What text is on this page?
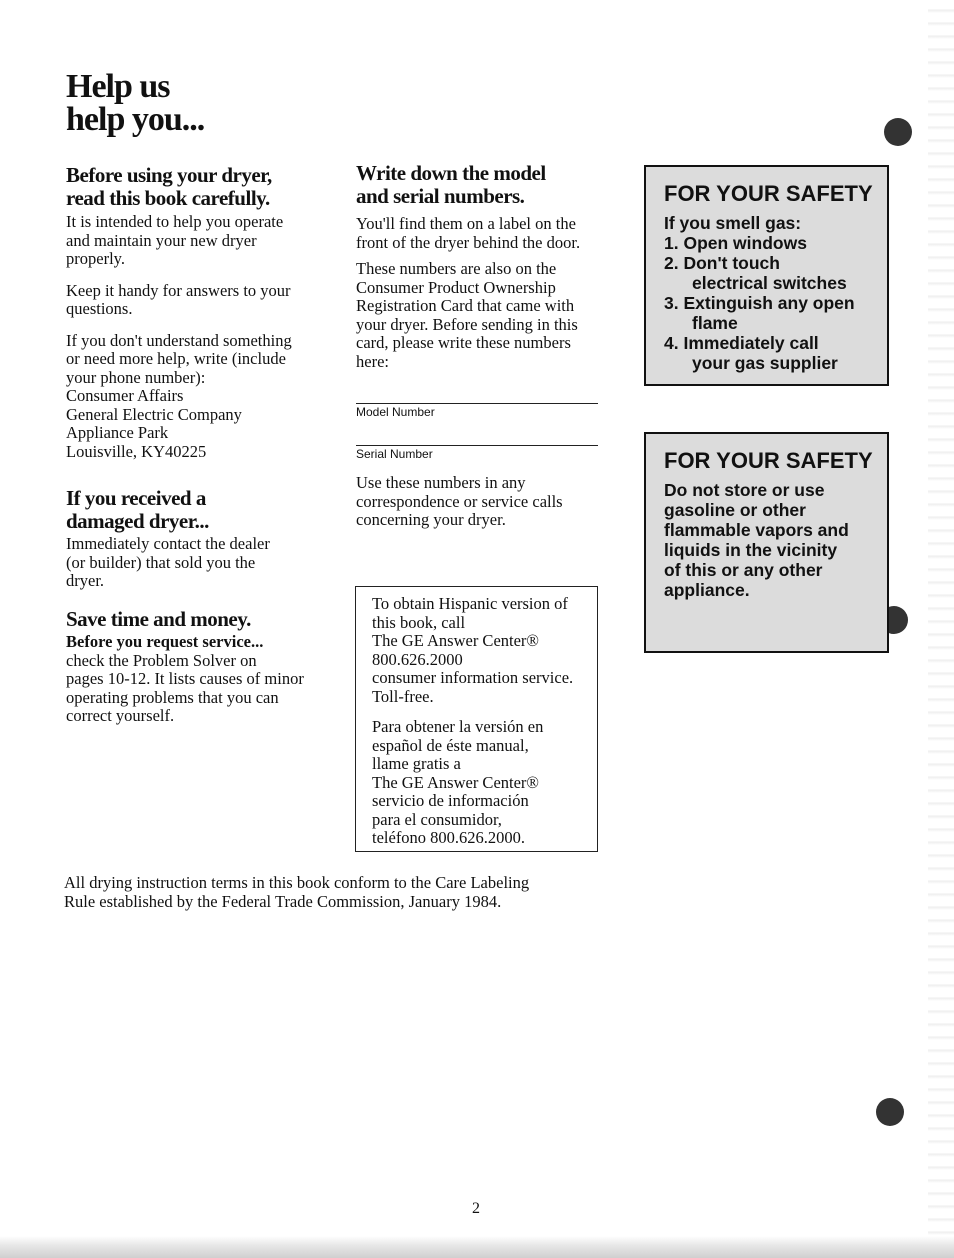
Help us
help you...
Before using your dryer,
read this book carefully.
It is intended to help you operate
and maintain your new dryer
properly.
Keep it handy for answers to your
questions.
If you don't understand something
or need more help, write (include
your phone number):
Consumer Affairs
General Electric Company
Appliance Park
Louisville, KY40225
If you received a
damaged dryer...
Immediately contact the dealer
(or builder) that sold you the
dryer.
Save time and money.
Before you request service...
check the Problem Solver on
pages 10-12. It lists causes of minor
operating problems that you can
correct yourself.
Write down the model
and serial numbers.
You'll find them on a label on the
front of the dryer behind the door.
These numbers are also on the
Consumer Product Ownership
Registration Card that came with
your dryer. Before sending in this
card, please write these numbers
here:
Model Number
Serial Number
Use these numbers in any
correspondence or service calls
concerning your dryer.
To obtain Hispanic version of
this book, call
The GE Answer Center®
800.626.2000
consumer information service.
Toll-free.
Para obtener la versión en
español de éste manual,
llame gratis a
The GE Answer Center®
servicio de información
para el consumidor,
teléfono 800.626.2000.
FOR YOUR SAFETY
If you smell gas:
1. Open windows
2. Don't touch
electrical switches
3. Extinguish any open
flame
4. Immediately call
your gas supplier
FOR YOUR SAFETY
Do not store or use
gasoline or other
flammable vapors and
liquids in the vicinity
of this or any other
appliance.
All drying instruction terms in this book conform to the Care Labeling
Rule established by the Federal Trade Commission, January 1984.
2
